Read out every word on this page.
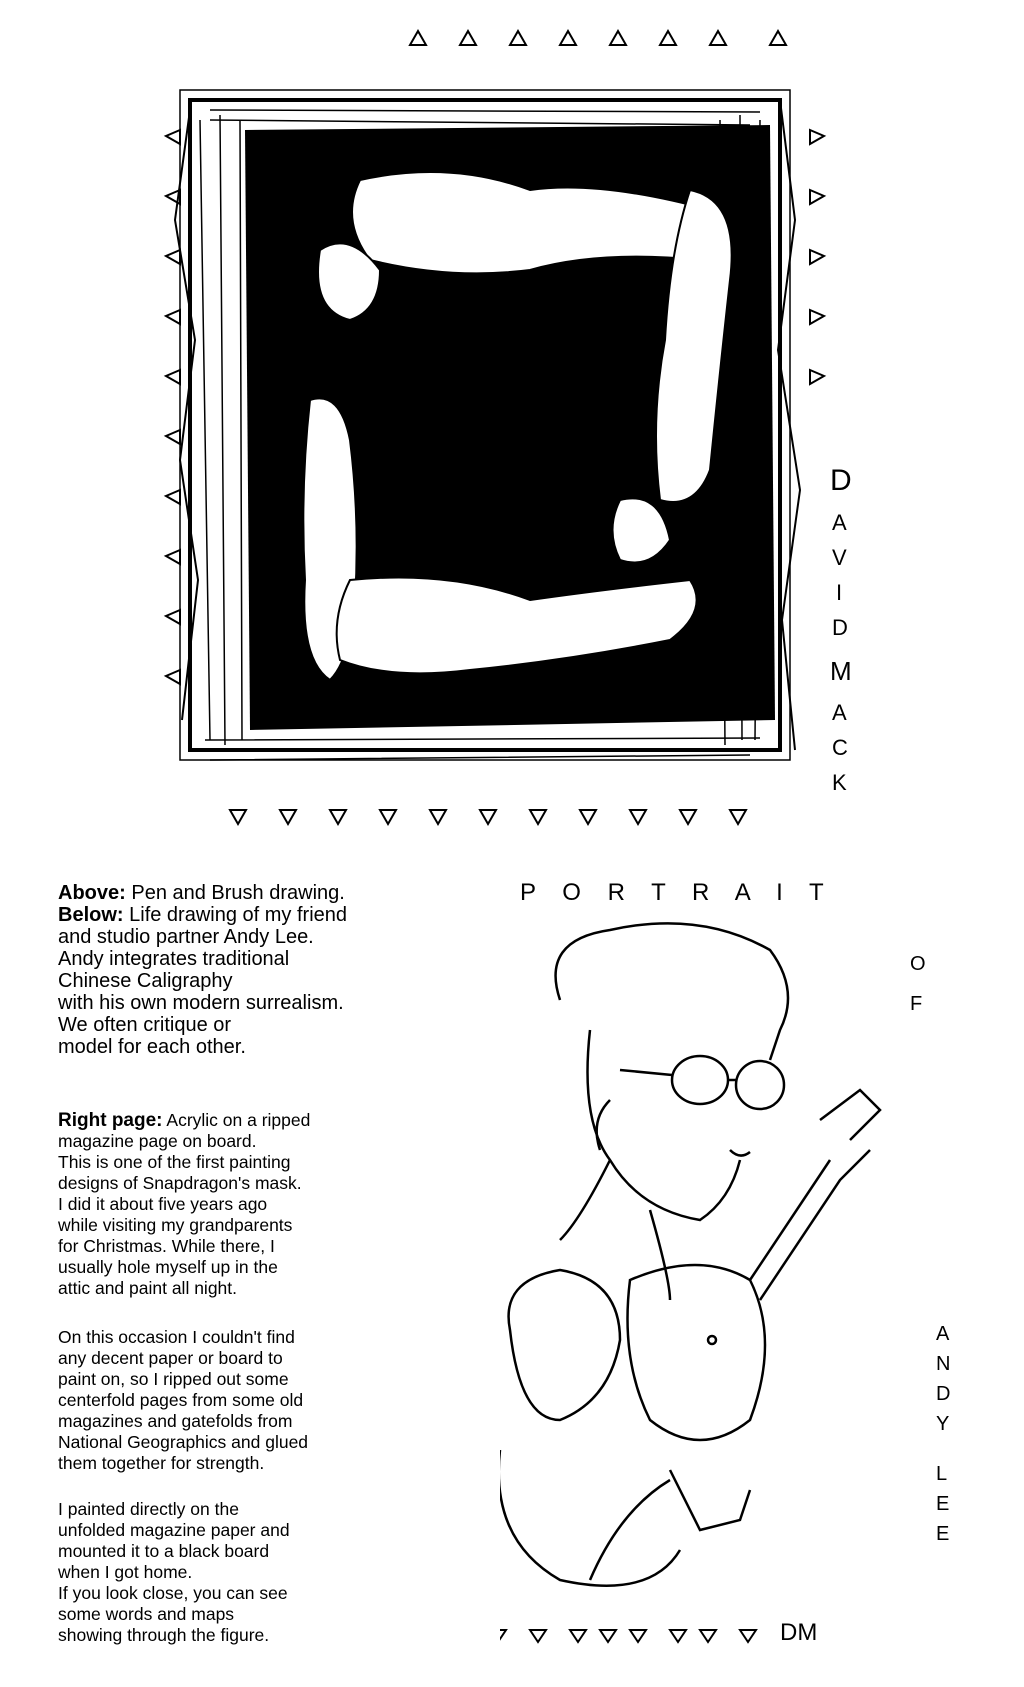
D
A
V
I
D
M
A
C
K

Above: Pen and Brush drawing.
Below: Life drawing of my friend
and studio partner Andy Lee.
Andy integrates traditional
Chinese Caligraphy
with his own modern surrealism.
We often critique or
model for each other.

Right page: Acrylic on a ripped
magazine page on board.
This is one of the first painting
designs of Snapdragon's mask.
I did it about five years ago
while visiting my grandparents
for Christmas. While there, I
usually hole myself up in the
attic and paint all night.

On this occasion I couldn't find
any decent paper or board to
paint on, so I ripped out some
centerfold pages from some old
magazines and gatefolds from
National Geographics and glued
them together for strength.

I painted directly on the
unfolded magazine paper and
mounted it to a black board
when I got home.
If you look close, you can see
some words and maps
showing through the figure.

P O R T R A I T
O
F
A
N
D
Y
L
E
E
DM
